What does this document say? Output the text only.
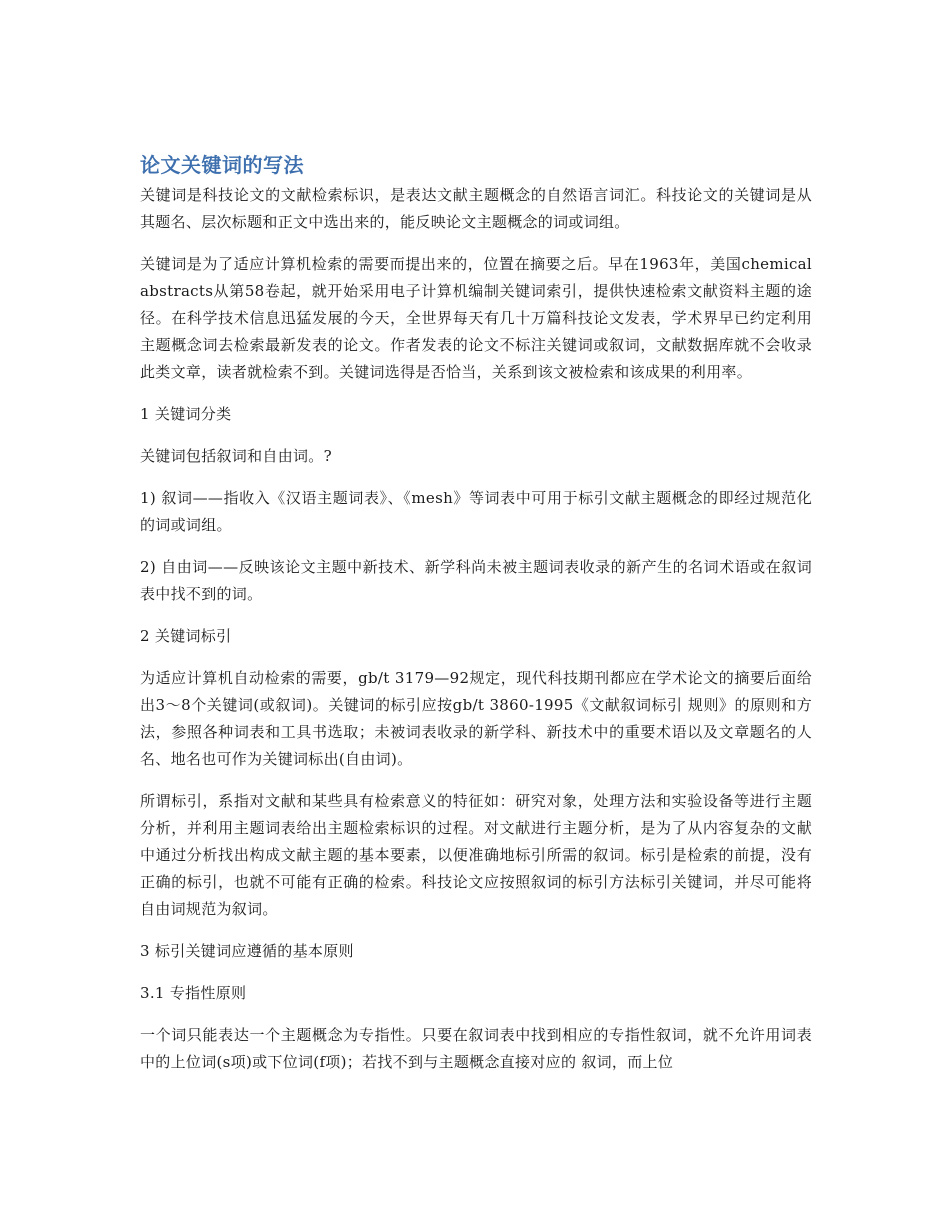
论文关键词的写法

关键词是科技论文的文献检索标识，是表达文献主题概念的自然语言词汇。科技论文的关键词是从其题名、层次标题和正文中选出来的，能反映论文主题概念的词或词组。

关键词是为了适应计算机检索的需要而提出来的，位置在摘要之后。早在1963年，美国chemical abstracts从第58卷起，就开始采用电子计算机编制关键词索引，提供快速检索文献资料主题的途径。在科学技术信息迅猛发展的今天，全世界每天有几十万篇科技论文发表，学术界早已约定利用主题概念词去检索最新发表的论文。作者发表的论文不标注关键词或叙词，文献数据库就不会收录此类文章，读者就检索不到。关键词选得是否恰当，关系到该文被检索和该成果的利用率。

1 关键词分类

关键词包括叙词和自由词。?

1) 叙词——指收入《汉语主题词表》、《mesh》等词表中可用于标引文献主题概念的即经过规范化的词或词组。

2) 自由词——反映该论文主题中新技术、新学科尚未被主题词表收录的新产生的名词术语或在叙词表中找不到的词。

2 关键词标引

为适应计算机自动检索的需要，gb/t 3179—92规定，现代科技期刊都应在学术论文的摘要后面给出3～8个关键词(或叙词)。关键词的标引应按gb/t 3860-1995《文献叙词标引 规则》的原则和方法，参照各种词表和工具书选取；未被词表收录的新学科、新技术中的重要术语以及文章题名的人名、地名也可作为关键词标出(自由词)。

所谓标引，系指对文献和某些具有检索意义的特征如：研究对象，处理方法和实验设备等进行主题分析，并利用主题词表给出主题检索标识的过程。对文献进行主题分析，是为了从内容复杂的文献中通过分析找出构成文献主题的基本要素，以便准确地标引所需的叙词。标引是检索的前提，没有正确的标引，也就不可能有正确的检索。科技论文应按照叙词的标引方法标引关键词，并尽可能将自由词规范为叙词。

3 标引关键词应遵循的基本原则

3.1 专指性原则

一个词只能表达一个主题概念为专指性。只要在叙词表中找到相应的专指性叙词，就不允许用词表中的上位词(s项)或下位词(f项)；若找不到与主题概念直接对应的 叙词，而上位
